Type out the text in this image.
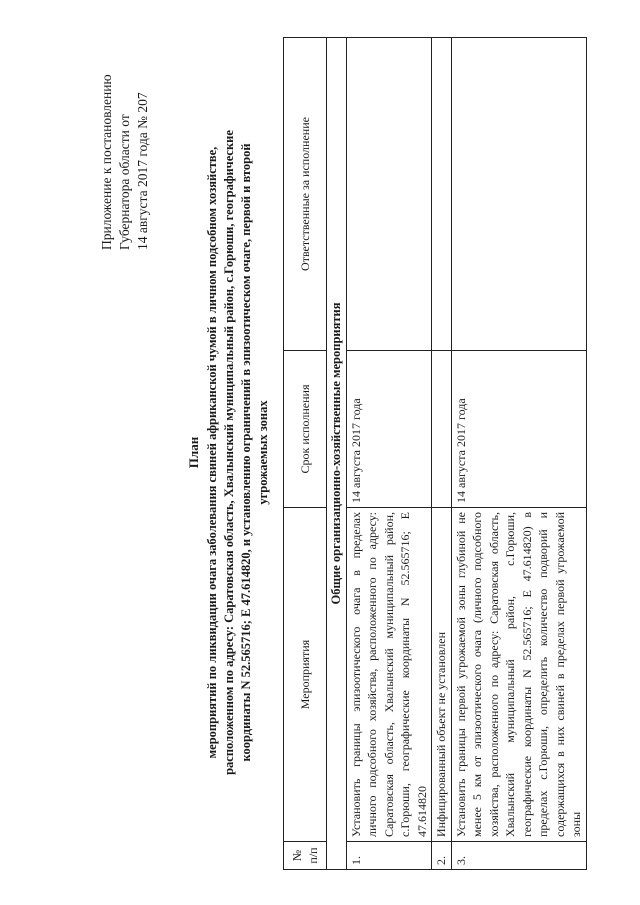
Приложение к постановлению Губернатора области от 14 августа 2017 года № 207
План мероприятий по ликвидации очага заболевания свиней африканской чумой в личном подсобном хозяйстве, расположенном по адресу: Саратовская область, Хвалынский муниципальный район, с.Горюши, географические координаты N 52.565716; E 47.614820, и установлению ограничений в эпизоотическом очаге, первой и второй угрожаемых зонах
№ п/п	Мероприятия	Срок исполнения	Ответственные за исполнение
Общие организационно-хозяйственные мероприятия			
1.	Установить границы эпизоотического очага в пределах личного подсобного хозяйства, расположенного по адресу: Саратовская область, Хвалынский муниципальный район, с.Горюши, географические координаты N 52.565716; E 47.614820	14 августа 2017 года	
2.	Инфицированный объект не установлен		
3.	Установить границы первой угрожаемой зоны глубиной не менее 5 км от эпизоотического очага (личного подсобного хозяйства, расположенного по адресу: Саратовская область, Хвалынский муниципальный район, с.Горюши, географические координаты N 52.565716; E 47.614820) в пределах с.Горюши, определить количество подворий и содержащихся в них свиней в пределах первой угрожаемой зоны	14 августа 2017 года	
